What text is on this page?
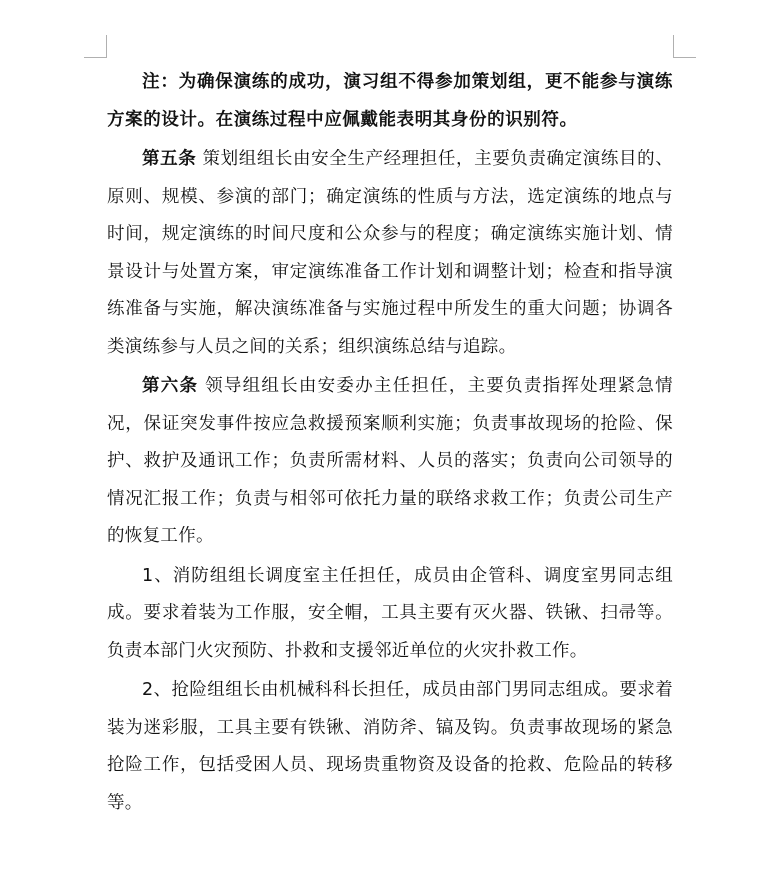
注：为确保演练的成功，演习组不得参加策划组，更不能参与演练方案的设计。在演练过程中应佩戴能表明其身份的识别符。

第五条 策划组组长由安全生产经理担任，主要负责确定演练目的、原则、规模、参演的部门；确定演练的性质与方法，选定演练的地点与时间，规定演练的时间尺度和公众参与的程度；确定演练实施计划、情景设计与处置方案，审定演练准备工作计划和调整计划；检查和指导演练准备与实施，解决演练准备与实施过程中所发生的重大问题；协调各类演练参与人员之间的关系；组织演练总结与追踪。

第六条 领导组组长由安委办主任担任，主要负责指挥处理紧急情况，保证突发事件按应急救援预案顺利实施；负责事故现场的抢险、保护、救护及通讯工作；负责所需材料、人员的落实；负责向公司领导的情况汇报工作；负责与相邻可依托力量的联络求救工作；负责公司生产的恢复工作。

1、消防组组长调度室主任担任，成员由企管科、调度室男同志组成。要求着装为工作服，安全帽，工具主要有灭火器、铁锹、扫帚等。负责本部门火灾预防、扑救和支援邻近单位的火灾扑救工作。

2、抢险组组长由机械科科长担任，成员由部门男同志组成。要求着装为迷彩服，工具主要有铁锹、消防斧、镐及钩。负责事故现场的紧急抢险工作，包括受困人员、现场贵重物资及设备的抢救、危险品的转移等。
